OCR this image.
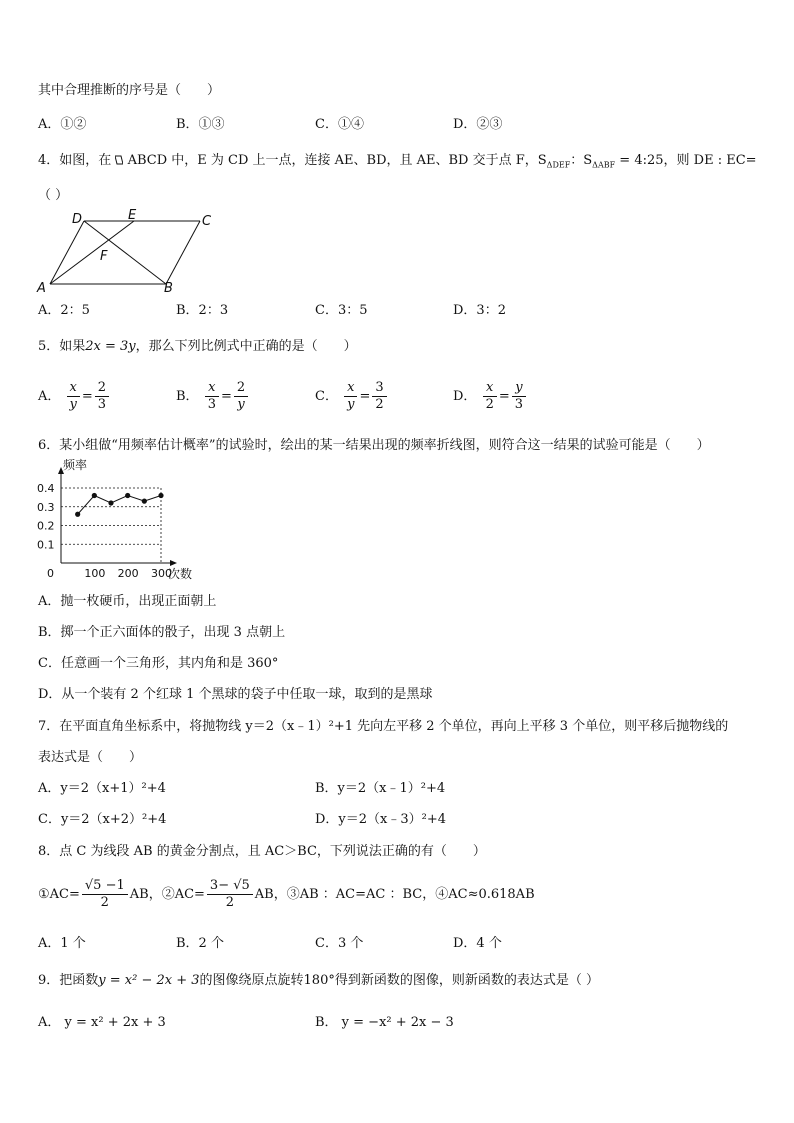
其中合理推断的序号是（　　）
A．①②	B．①③	C．①④	D．②③
4．如图，在 ABCD 中，E 为 CD 上一点，连接 AE、BD，且 AE、BD 交于点 F，$S_{\Delta DEF}$：$S_{\Delta ABF}$ = 4:25，则 DE : EC=
（ ）
D	E	C
F
A	B
A．2：5	B．2：3	C．3：5	D．3：2
5．如果2x = 3y，那么下列比例式中正确的是（　　）
A． $\frac{x}{y} = \frac{2}{3}$	B． $\frac{x}{3} = \frac{2}{y}$	C． $\frac{x}{y} = \frac{3}{2}$	D． $\frac{x}{2} = \frac{y}{3}$
6．某小组做“用频率估计概率”的试验时，绘出的某一结果出现的频率折线图，则符合这一结果的试验可能是（　　）
0.4
0.3
0.2
0.1
100 200 300
0
频率
次数
A．抛一枚硬币，出现正面朝上
B．掷一个正六面体的骰子，出现 3 点朝上
C．任意画一个三角形，其内角和是 360°
D．从一个装有 2 个红球 1 个黑球的袋子中任取一球，取到的是黑球
7．在平面直角坐标系中，将抛物线 y＝2（x﹣1）²+1 先向左平移 2 个单位，再向上平移 3 个单位，则平移后抛物线的
表达式是（　　）
A．y＝2（x+1）²+4	B．y＝2（x﹣1）²+4
C．y＝2（x+2）²+4	D．y＝2（x﹣3）²+4
8．点 C 为线段 AB 的黄金分割点，且 AC＞BC，下列说法正确的有（　　）
①AC= $\frac{√5 -1}{2}$ AB，②AC= $\frac{3- √5}{2}$ AB，③AB ：AC=AC ：BC，④AC≈0.618AB
A．1 个	B．2 个	C．3 个	D．4 个
9．把函数y = x² − 2x + 3的图像绕原点旋转180°得到新函数的图像，则新函数的表达式是（ ）
A． y = x² + 2x + 3	B． y = −x² + 2x − 3
